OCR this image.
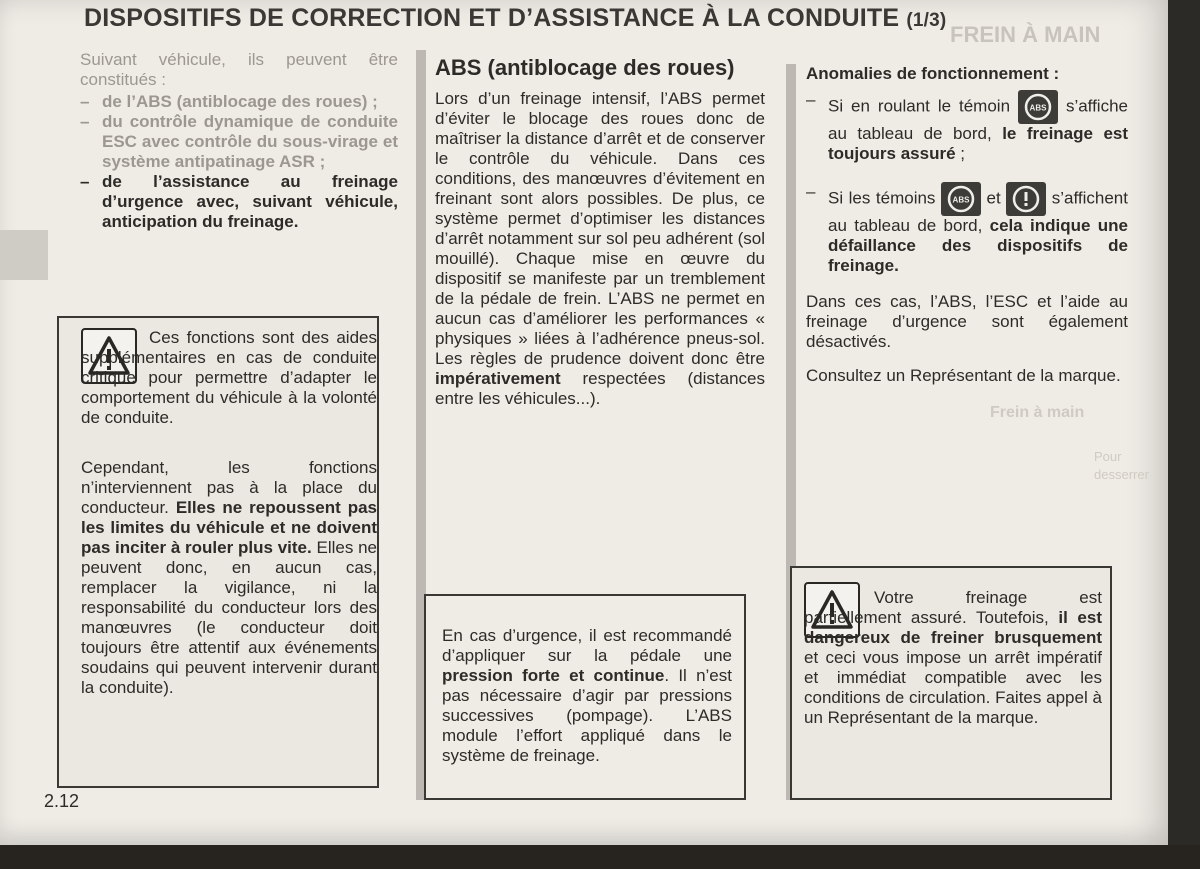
DISPOSITIFS DE CORRECTION ET D’ASSISTANCE À LA CONDUITE (1/3)
FREIN À MAIN
Suivant véhicule, ils peuvent être constitués :
– de l’ABS (antiblocage des roues) ;
– du contrôle dynamique de conduite ESC avec contrôle du sous-virage et système antipatinage ASR ;
– de l’assistance au freinage d’urgence avec, suivant véhicule, anticipation du freinage.
Ces fonctions sont des aides supplémentaires en cas de conduite critique pour permettre d’adapter le comportement du véhicule à la volonté de conduite.
Cependant, les fonctions n’interviennent pas à la place du conducteur. Elles ne repoussent pas les limites du véhicule et ne doivent pas inciter à rouler plus vite. Elles ne peuvent donc, en aucun cas, remplacer la vigilance, ni la responsabilité du conducteur lors des manœuvres (le conducteur doit toujours être attentif aux événements soudains qui peuvent intervenir durant la conduite).
2.12
ABS (antiblocage des roues)
Lors d’un freinage intensif, l’ABS permet d’éviter le blocage des roues donc de maîtriser la distance d’arrêt et de conserver le contrôle du véhicule. Dans ces conditions, des manœuvres d’évitement en freinant sont alors possibles. De plus, ce système permet d’optimiser les distances d’arrêt notamment sur sol peu adhérent (sol mouillé). Chaque mise en œuvre du dispositif se manifeste par un tremblement de la pédale de frein. L’ABS ne permet en aucun cas d’améliorer les performances « physiques » liées à l’adhérence pneus-sol. Les règles de prudence doivent donc être impérativement respectées (distances entre les véhicules...).
En cas d’urgence, il est recommandé d’appliquer sur la pédale une pression forte et continue. Il n’est pas nécessaire d’agir par pressions successives (pompage). L’ABS module l’effort appliqué dans le système de freinage.
Anomalies de fonctionnement :
– Si en roulant le témoin ABS s’affiche au tableau de bord, le freinage est toujours assuré ;
– Si les témoins ABS et	s’affichent au tableau de bord, cela indique une défaillance des dispositifs de freinage.
Dans ces cas, l’ABS, l’ESC et l’aide au freinage d’urgence sont également désactivés.
Consultez un Représentant de la marque.
Frein à main
Pour desserrer
Votre freinage est partiellement assuré. Toutefois, il est dangereux de freiner brusquement et ceci vous impose un arrêt impératif et immédiat compatible avec les conditions de circulation. Faites appel à un Représentant de la marque.
